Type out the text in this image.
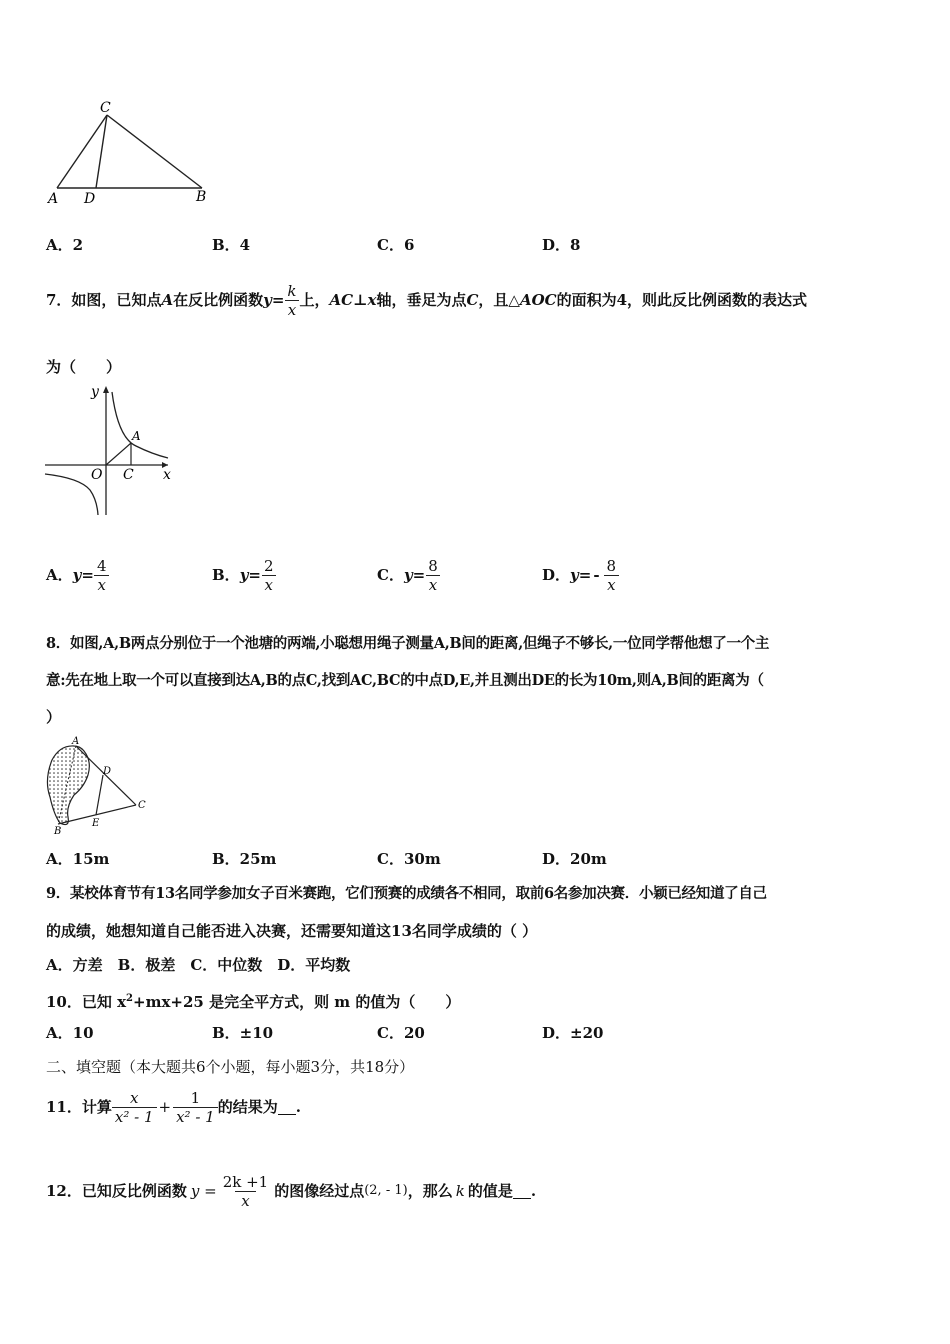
C
A D	B
A．2	B．4	C．6	D．8
7．如图，已知点 A 在反比例函数 $y= \frac{k}{x}$ 上， AC⊥x 轴，垂足为点 C ，且△ AOC 的面积为4，则此反比例函数的表达式
为（　　）
y
A
O C x
A． $y= \frac{4}{x}$	B． $y= \frac{2}{x}$	C． $y= \frac{8}{x}$	D． $y= - \frac{8}{x}$
8．如图,A,B两点分别位于一个池塘的两端,小聪想用绳子测量A,B间的距离,但绳子不够长,一位同学帮他想了一个主
意:先在地上取一个可以直接到达A,B的点C,找到AC,BC的中点D,E,并且测出DE的长为10m,则A,B间的距离为（
）
A
D
C
E
B
A．15m	B．25m	C．30m	D．20m
9．某校体育节有13名同学参加女子百米赛跑，它们预赛的成绩各不相同，取前6名参加决赛．小颖已经知道了自己
的成绩，她想知道自己能否进入决赛，还需要知道这13名同学成绩的（ ）
A．方差　B．极差　C．中位数　D．平均数
10．已知 $x^2+mx+25$ 是完全平方式，则 m 的值为（　　）
A．10	B．±10	C．20	D．±20
二、填空题（本大题共6个小题，每小题3分，共18分）
11．计算 $\frac{x}{\text{x² - 1}} + \frac{1}{\text{x² - 1}}$ 的结果为 .
12．已知反比例函数 $y = \frac{2k +1}{x}$ 的图像经过点 (2, - 1) ，那么 k 的值是 .
